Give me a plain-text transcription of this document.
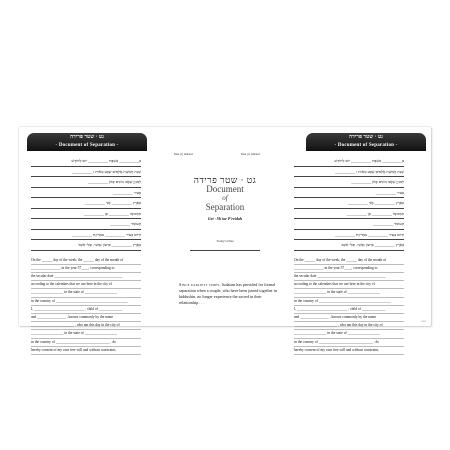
גט · שטר פרידה
- Document of Separation -
גט · שטר פרידה
- Document of Separation -
Man (1) initiated	Man (1) initiated
בְּ__________ בְּשַׁבָּת __________ יוֹם לְחוֹדֶשׁ
שְׁנַת חֲמֵשֶׁת אֲלָפִים שֶׁבַע מֵאוֹת ז __________
לְמִנְיָן שֶׁאֲנוּ מוֹנִים כָּאן __________
בְּעִיר __________
בְּאֶרֶץ __________ אֲנִי __________
הַמְּכוּנֶה __________ בֶּן __________
הָעוֹמֵד __________
הַיּוֹם בְּעִיר __________ בִּמְדִינַת __________
בְּאֶרֶץ __________ בִּרְצוֹן נַפְשִׁי, וּבְלִי אוֹנֶס
On the ______ day of the week, the ______ day of the month of
________________, in the year 57____, corresponding to
the secular date ______________________________________
according to the calendars that we use here in the city of
__________________ in the state of __________________
in the country of ________________________________________
I, ____________________________ , child of _____________
and ________________ , known commonly by the name
________________________ , who am this day in the city of
__________________ in the state of __________________
in the country of ______________________________ , do
hereby consent of my own free will and without constraint,
גט · שטר פרידה
Document
of
Separation
Get · Sh'tar P'reidah
Today's Date
Since earliest times, Judaism has provided for formal separation when a couple, who have been joined together in kiddushin, no longer experience the sacred in their relationship . . .
בְּ__________ בְּשַׁבָּת __________ יוֹם לְחוֹדֶשׁ
שְׁנַת חֲמֵשֶׁת אֲלָפִים שֶׁבַע מֵאוֹת ז __________
לְמִנְיָן שֶׁאֲנוּ מוֹנִים כָּאן __________
בְּעִיר __________
בְּאֶרֶץ __________ אֲנִי __________
הַמְּכוּנֶה __________ בֶּן __________
הָעוֹמֵד __________
הַיּוֹם בְּעִיר __________ בִּמְדִינַת __________
בְּאֶרֶץ __________ בִּרְצוֹן נַפְשִׁי, וּבְלִי אוֹנֶס
On the ______ day of the week, the ______ day of the month of
________________, in the year 57____, corresponding to
the secular date ______________________________________
according to the calendars that we use here in the city of
__________________ in the state of __________________
in the country of ________________________________________
I, ____________________________ , child of _____________
and ________________ , known commonly by the name
________________________ , who am this day in the city of
__________________ in the state of __________________
in the country of ______________________________ , do
hereby consent of my own free will and without constraint,
1303
